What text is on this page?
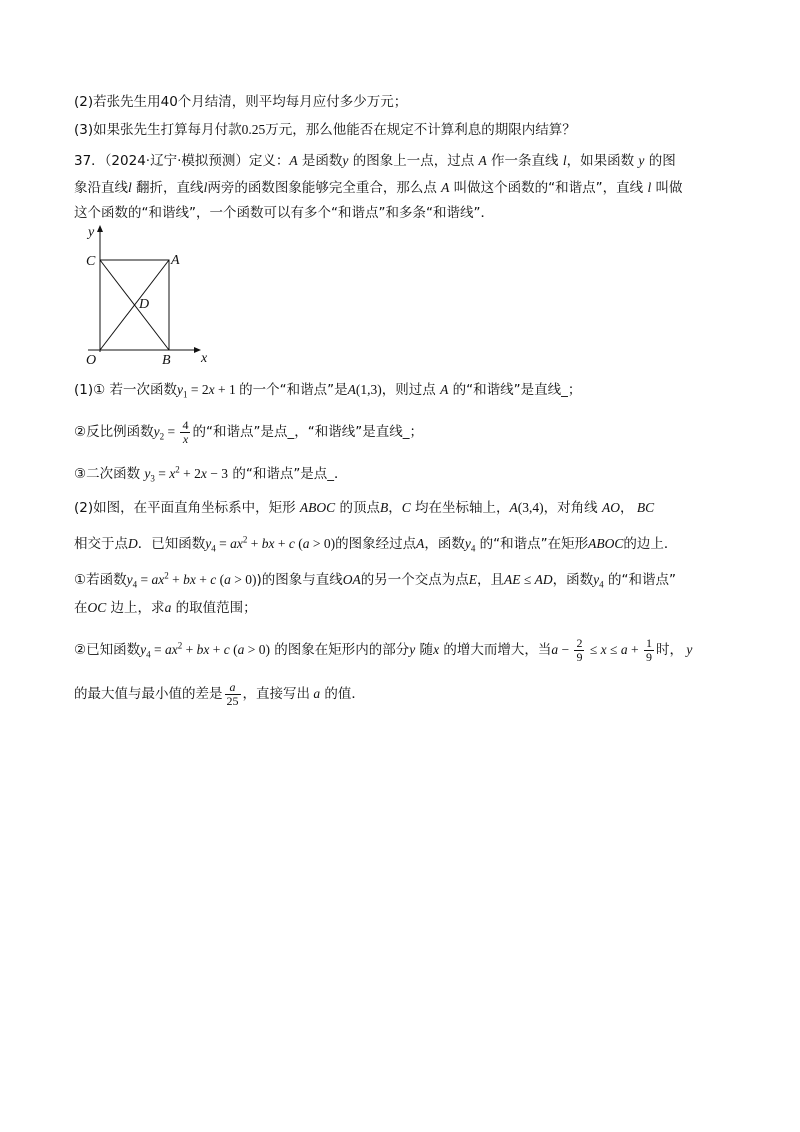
(2)若张先生用40个月结清，则平均每月应付多少万元；
(3)如果张先生打算每月付款0.25万元，那么他能否在规定不计算利息的期限内结算？
37．（2024·辽宁·模拟预测）定义：A 是函数y 的图象上一点，过点 A 作一条直线 l，如果函数 y 的图
象沿直线l 翻折，直线l两旁的函数图象能够完全重合，那么点 A 叫做这个函数的“和谐点”，直线 l 叫做
这个函数的“和谐线”，一个函数可以有多个“和谐点”和多条“和谐线”．
y
C	A
D
O	B x
(1)① 若一次函数$y_1 = 2x + 1$ 的一个“和谐点”是A(1,3)，则过点 A 的“和谐线”是直线_；
②反比例函数$y_2 = \frac{4}{x}$ 的“和谐点”是点_，“和谐线”是直线_；
③二次函数 $y_3 = x^2 + 2x - 3$ 的“和谐点”是点_．
(2)如图，在平面直角坐标系中，矩形 ABOC 的顶点B，C 均在坐标轴上，A(3,4)，对角线 AO， BC
相交于点D．已知函数$y_4 = ax^2$ + bx + c (a > 0)的图象经过点A，函数$y_4$ 的“和谐点”在矩形ABOC的边上．
①若函数$y_4 = ax^2$ + bx + c (a > 0))的图象与直线OA的另一个交点为点E，且AE ≤ AD，函数$y_4$ 的“和谐点”
在OC 边上，求a 的取值范围；
②已知函数$y_4 = ax^2$ + bx + c (a > 0) 的图象在矩形内的部分y 随x 的增大而增大，当$a - \frac{2}{9} \le x \le a + \frac{1}{9}$ 时， y
的最大值与最小值的差是 $\frac{a}{25}$ ，直接写出 a 的值．
